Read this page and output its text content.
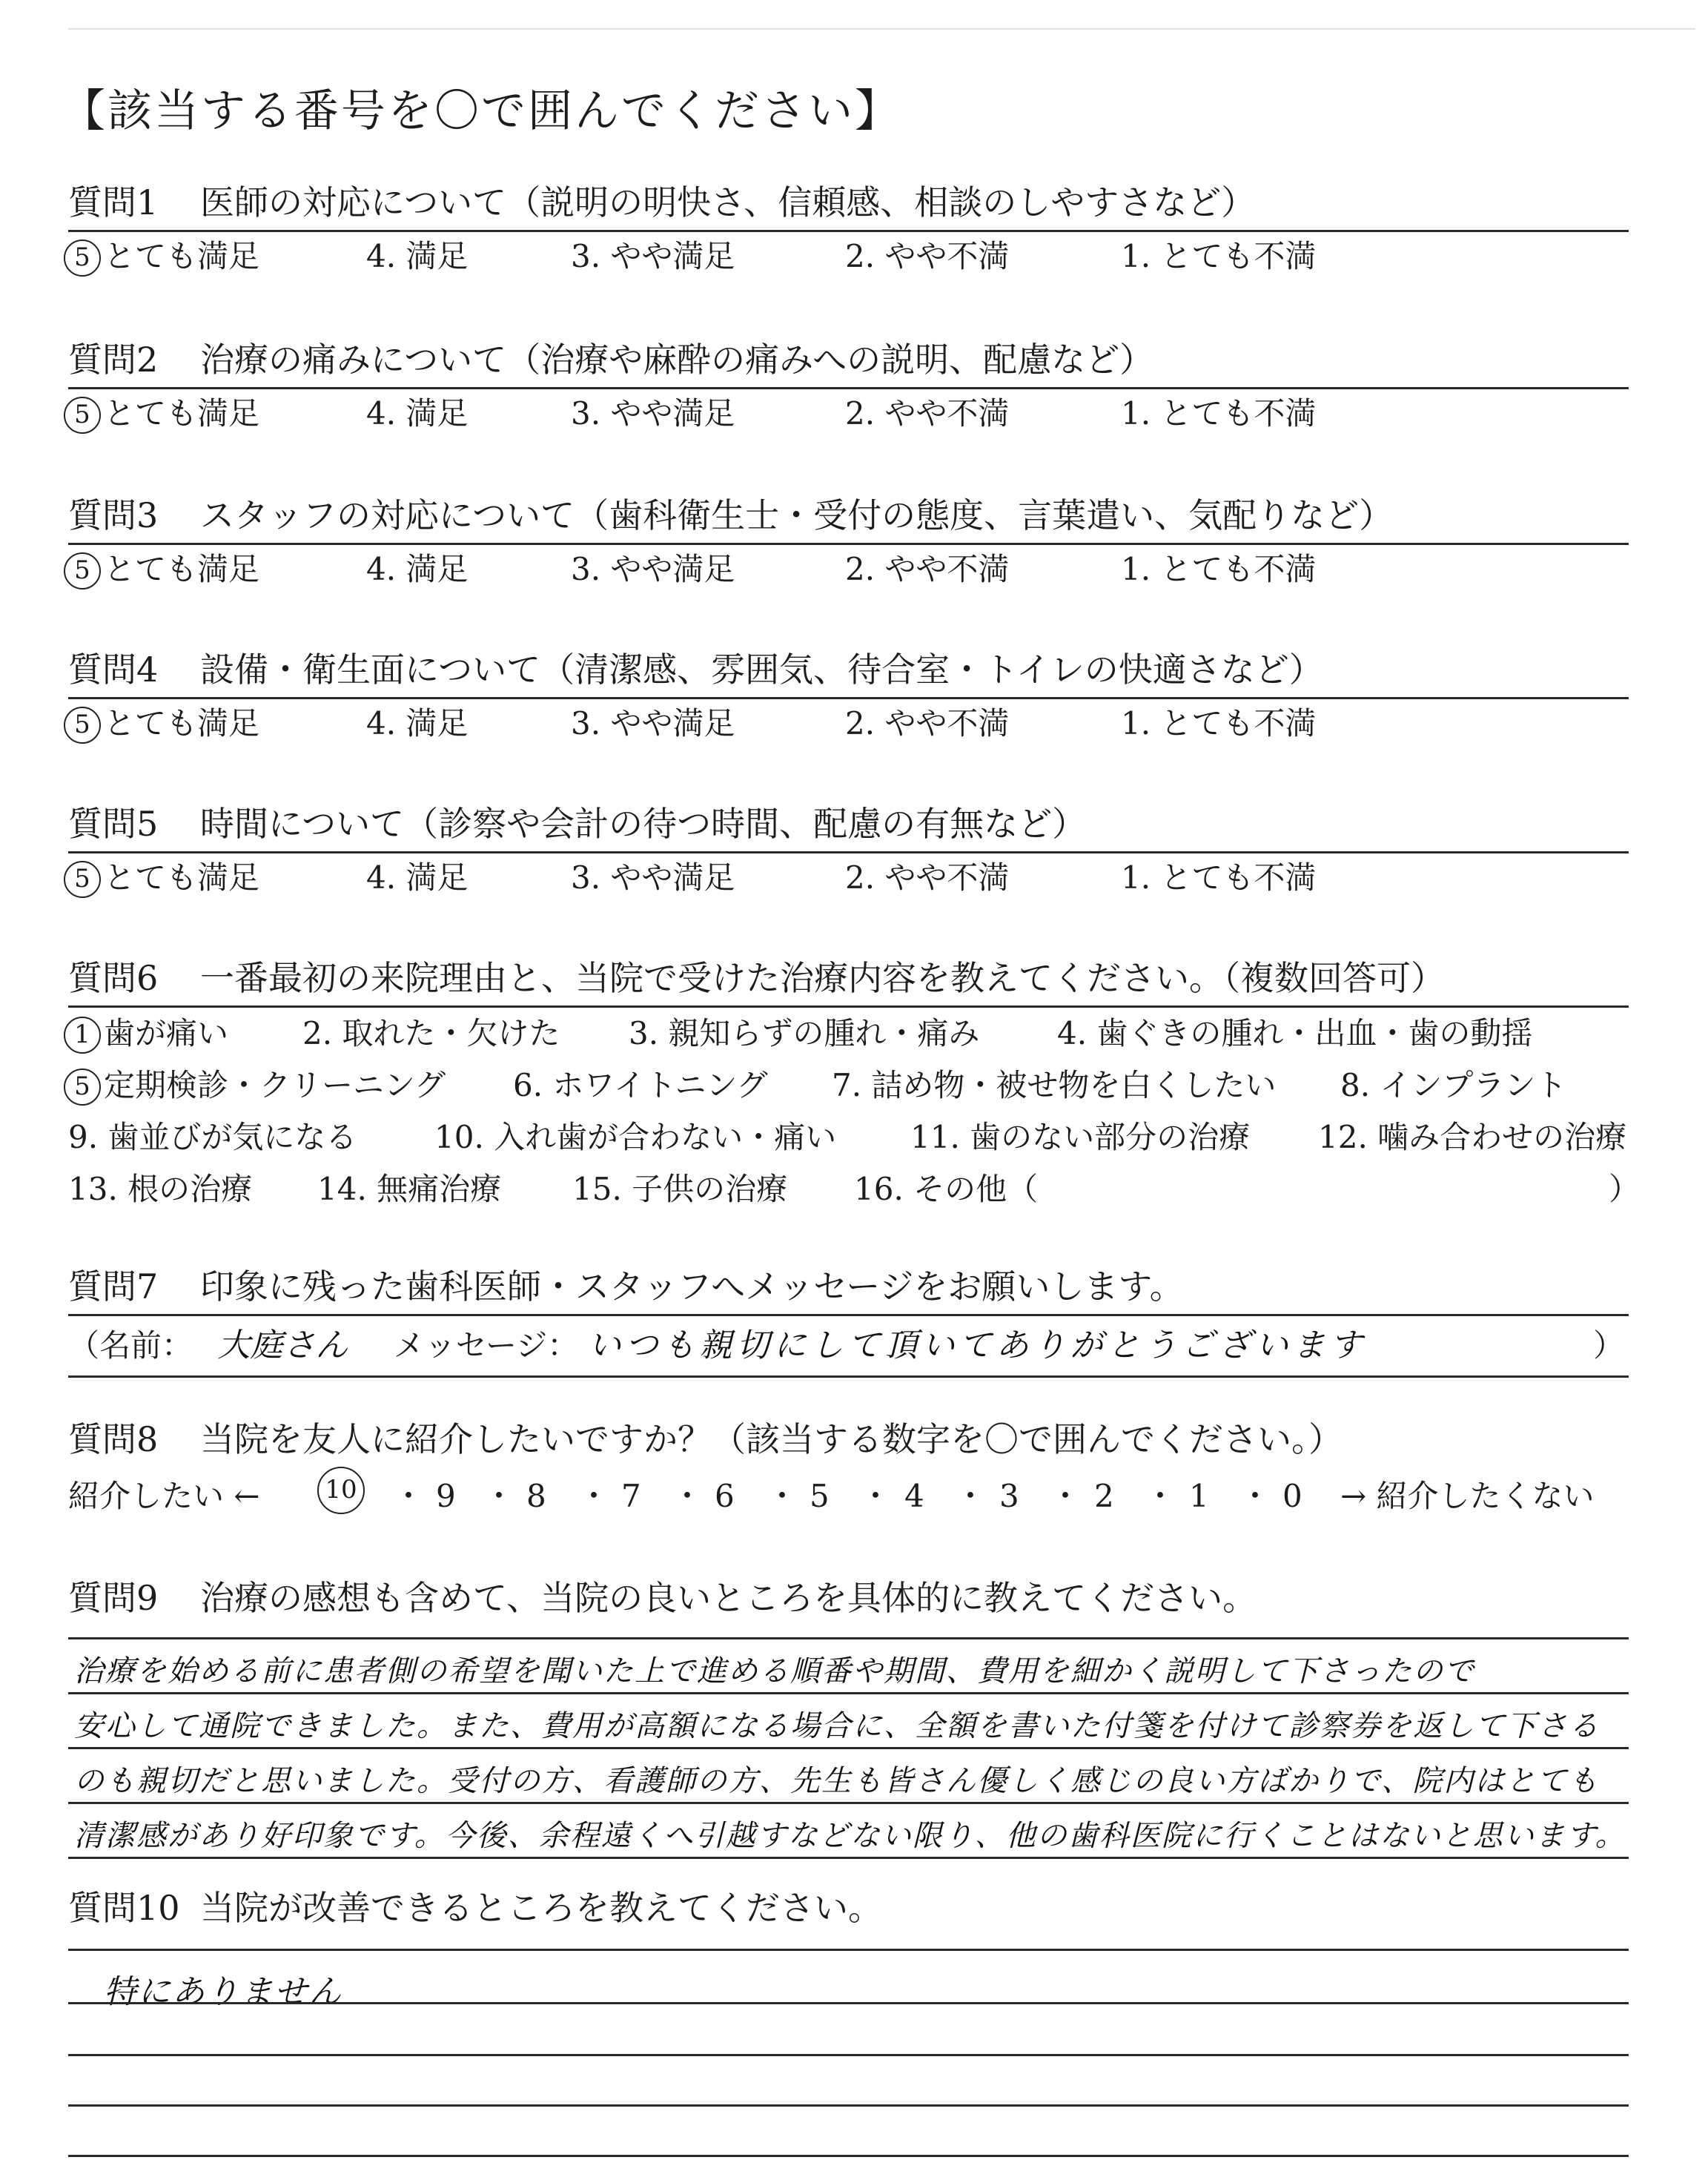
【該当する番号を〇で囲んでください】
質問1 医師の対応について（説明の明快さ、信頼感、相談のしやすさなど）
5 とても満足	4. 満足	3. やや満足	2. やや不満	1. とても不満
質問2 治療の痛みについて（治療や麻酔の痛みへの説明、配慮など）
5 とても満足	4. 満足	3. やや満足	2. やや不満	1. とても不満
質問3 スタッフの対応について（歯科衛生士・受付の態度、言葉遣い、気配りなど）
5 とても満足	4. 満足	3. やや満足	2. やや不満	1. とても不満
質問4 設備・衛生面について（清潔感、雰囲気、待合室・トイレの快適さなど）
5 とても満足	4. 満足	3. やや満足	2. やや不満	1. とても不満
質問5 時間について（診察や会計の待つ時間、配慮の有無など）
5 とても満足	4. 満足	3. やや満足	2. やや不満	1. とても不満
質問6 一番最初の来院理由と、当院で受けた治療内容を教えてください。（複数回答可）
1 歯が痛い 2. 取れた・欠けた 3. 親知らずの腫れ・痛み 4. 歯ぐきの腫れ・出血・歯の動揺
5 定期検診・クリーニング 6. ホワイトニング 7. 詰め物・被せ物を白くしたい 8. インプラント
9. 歯並びが気になる 10. 入れ歯が合わない・痛い 11. 歯のない部分の治療 12. 噛み合わせの治療
13. 根の治療 14. 無痛治療 15. 子供の治療 16. その他（	）
質問7 印象に残った歯科医師・スタッフへメッセージをお願いします。
（名前： 大庭さん メッセージ： いつも親切にして頂いてありがとうございます	）
質問8 当院を友人に紹介したいですか？（該当する数字を〇で囲んでください。）
紹介したい ←	10 ・ 9 ・ 8 ・ 7 ・ 6 ・ 5 ・ 4 ・ 3 ・ 2 ・ 1 ・ 0 → 紹介したくない
質問9 治療の感想も含めて、当院の良いところを具体的に教えてください。
治療を始める前に患者側の希望を聞いた上で進める順番や期間、費用を細かく説明して下さったので
安心して通院できました。また、費用が高額になる場合に、全額を書いた付箋を付けて診察券を返して下さる
のも親切だと思いました。受付の方、看護師の方、先生も皆さん優しく感じの良い方ばかりで、院内はとても
清潔感があり好印象です。今後、余程遠くへ引越すなどない限り、他の歯科医院に行くことはないと思います。
質問10 当院が改善できるところを教えてください。
特にありません
